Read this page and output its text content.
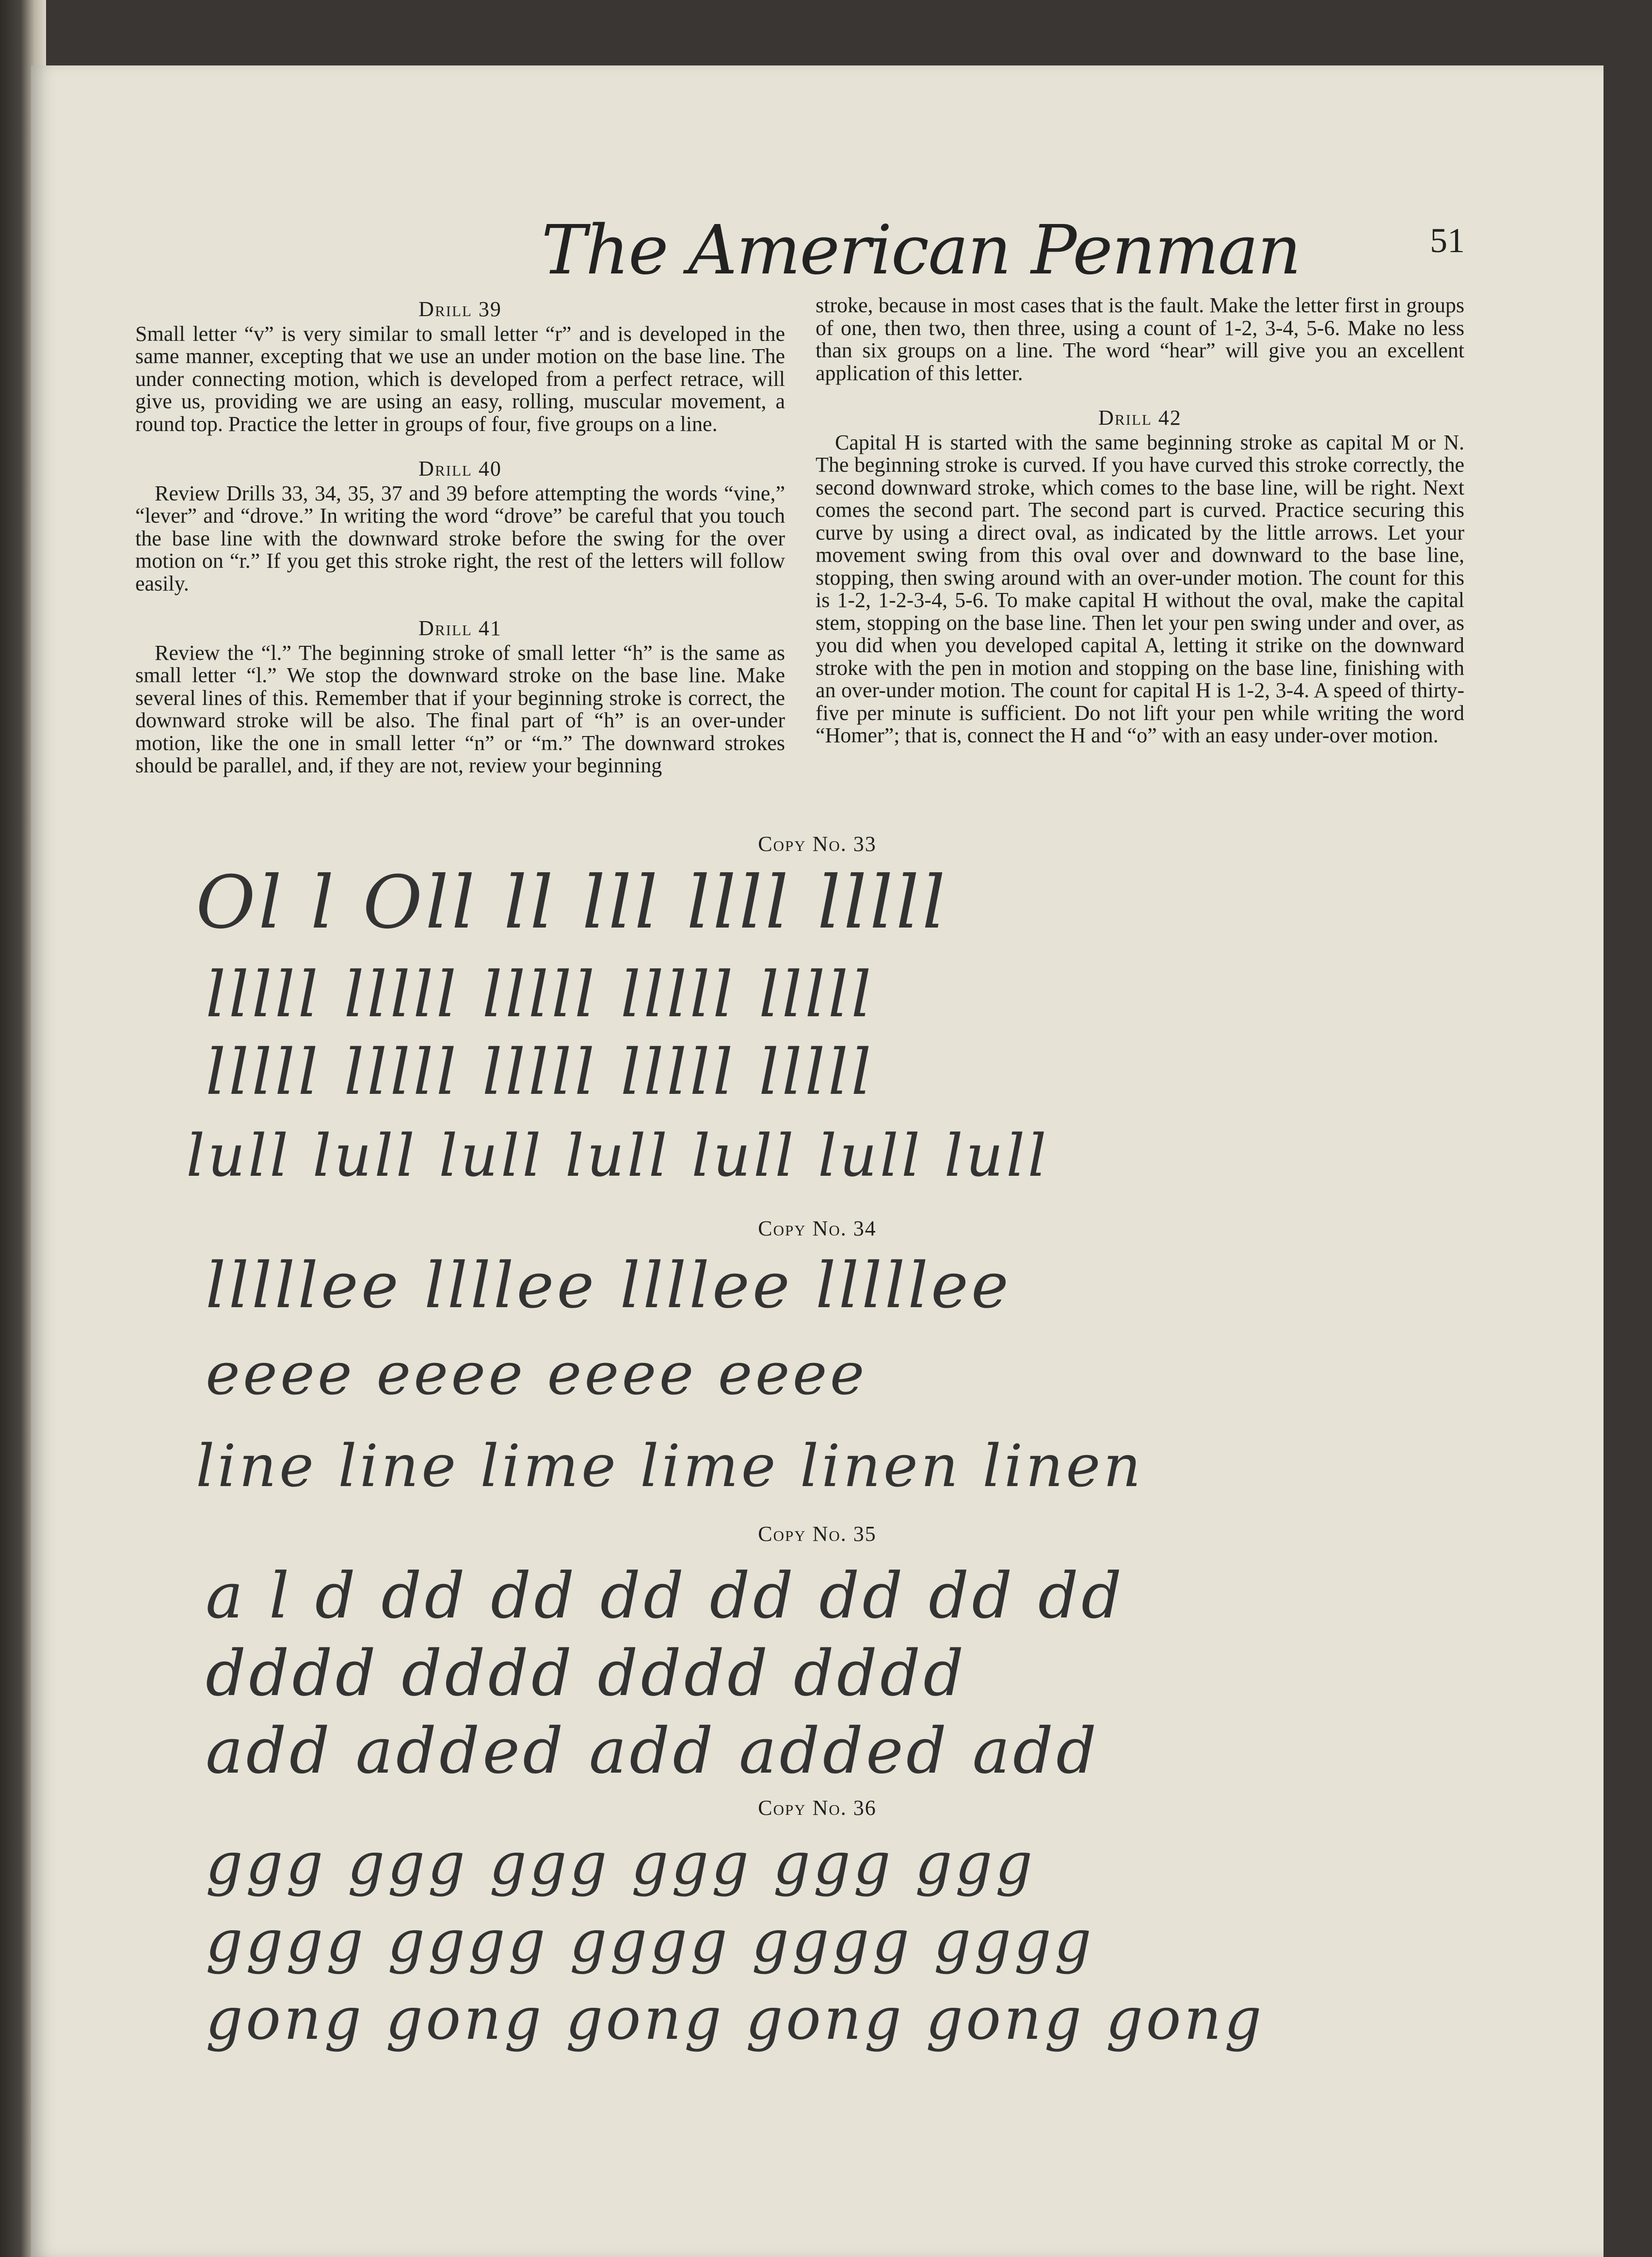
The American Penman	51
Drill 39
Small letter “v” is very similar to small letter “r” and is developed in the same manner, excepting that we use an under motion on the base line. The under connecting motion, which is developed from a perfect retrace, will give us, providing we are using an easy, rolling, muscular movement, a round top. Practice the letter in groups of four, five groups on a line.
Drill 40
Review Drills 33, 34, 35, 37 and 39 before attempting the words “vine,” “lever” and “drove.” In writing the word “drove” be careful that you touch the base line with the downward stroke before the swing for the over motion on “r.” If you get this stroke right, the rest of the letters will follow easily.
Drill 41
Review the “l.” The beginning stroke of small letter “h” is the same as small letter “l.” We stop the downward stroke on the base line. Make several lines of this. Remember that if your beginning stroke is correct, the downward stroke will be also. The final part of “h” is an over-under motion, like the one in small letter “n” or “m.” The downward strokes should be parallel, and, if they are not, review your beginning
stroke, because in most cases that is the fault. Make the letter first in groups of one, then two, then three, using a count of 1-2, 3-4, 5-6. Make no less than six groups on a line. The word “hear” will give you an excellent application of this letter.
Drill 42
Capital H is started with the same beginning stroke as capital M or N. The beginning stroke is curved. If you have curved this stroke correctly, the second downward stroke, which comes to the base line, will be right. Next comes the second part. The second part is curved. Practice securing this curve by using a direct oval, as indicated by the little arrows. Let your movement swing from this oval over and downward to the base line, stopping, then swing around with an over-under motion. The count for this is 1-2, 1-2-3-4, 5-6. To make capital H without the oval, make the capital stem, stopping on the base line. Then let your pen swing under and over, as you did when you developed capital A, letting it strike on the downward stroke with the pen in motion and stopping on the base line, finishing with an over-under motion. The count for capital H is 1-2, 3-4. A speed of thirty-five per minute is sufficient. Do not lift your pen while writing the word “Homer”; that is, connect the H and “o” with an easy under-over motion.
Copy No. 33
Ol l Oll ll lll llll lllll
lllll lllll lllll lllll lllll
lllll lllll lllll lllll lllll
lull lull lull lull lull lull lull
Copy No. 34
lllllee llllee llllee lllllee
eeee eeee eeee eeee
line line lime lime linen linen
Copy No. 35
a l d dd dd dd dd dd dd dd
dddd dddd dddd dddd
add added add added add
Copy No. 36
ggg ggg ggg ggg ggg ggg
gggg gggg gggg gggg gggg
gong gong gong gong gong gong
